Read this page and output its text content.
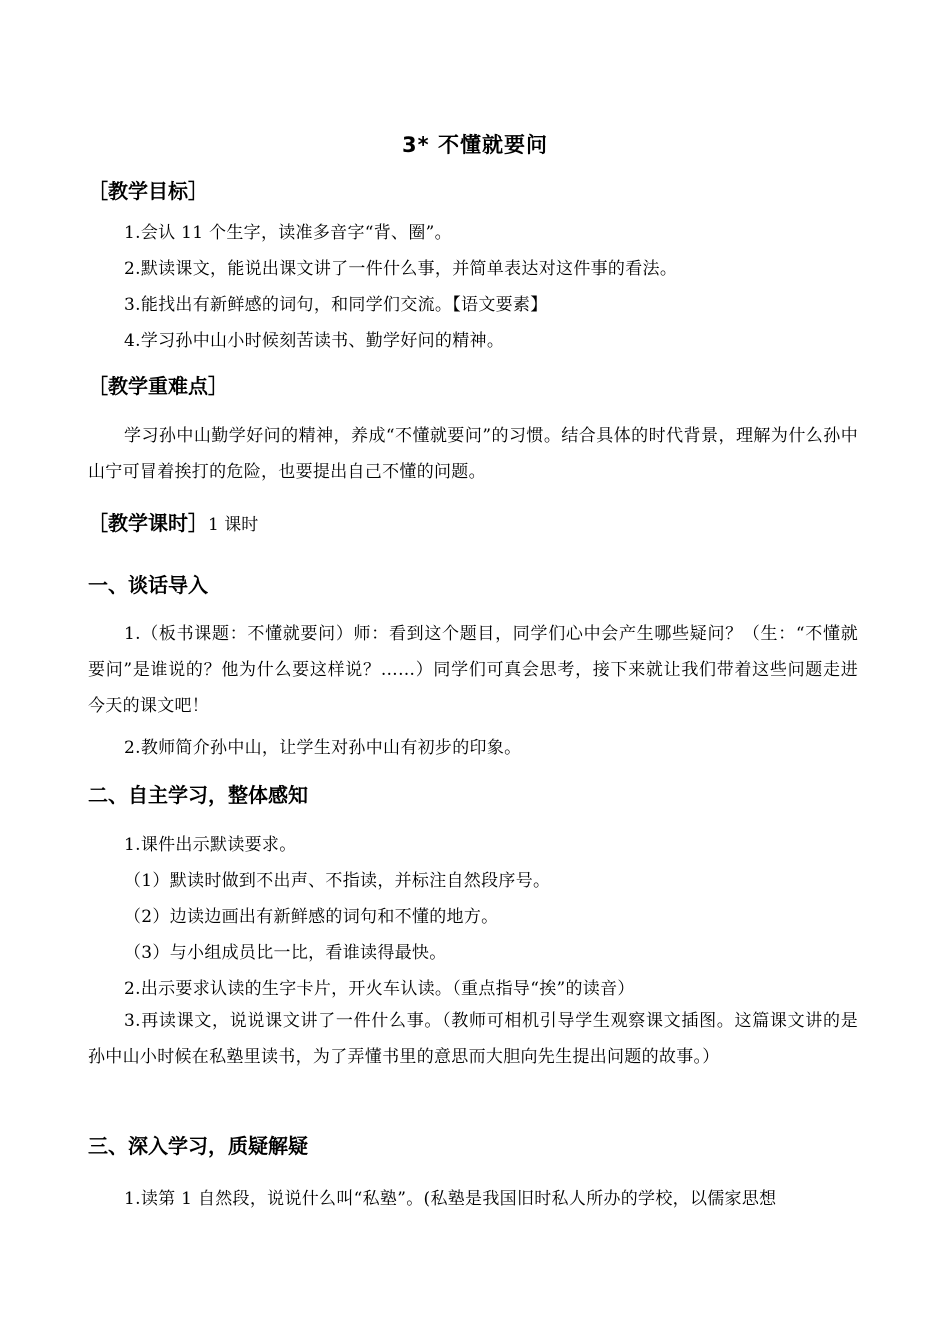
3* 不懂就要问
［教学目标］
1.会认 11 个生字，读准多音字“背、圈”。
2.默读课文，能说出课文讲了一件什么事，并简单表达对这件事的看法。
3.能找出有新鲜感的词句，和同学们交流。【语文要素】
4.学习孙中山小时候刻苦读书、勤学好问的精神。
［教学重难点］
学习孙中山勤学好问的精神，养成“不懂就要问”的习惯。结合具体的时代背景，理解为什么孙中山宁可冒着挨打的危险，也要提出自己不懂的问题。
［教学课时］1 课时
一、谈话导入
1.（板书课题：不懂就要问）师：看到这个题目，同学们心中会产生哪些疑问？（生：“不懂就要问”是谁说的？他为什么要这样说？……）同学们可真会思考，接下来就让我们带着这些问题走进今天的课文吧！
2.教师简介孙中山，让学生对孙中山有初步的印象。
二、自主学习，整体感知
1.课件出示默读要求。
（1）默读时做到不出声、不指读，并标注自然段序号。
（2）边读边画出有新鲜感的词句和不懂的地方。
（3）与小组成员比一比，看谁读得最快。
2.出示要求认读的生字卡片，开火车认读。（重点指导“挨”的读音）
3.再读课文，说说课文讲了一件什么事。（教师可相机引导学生观察课文插图。这篇课文讲的是孙中山小时候在私塾里读书，为了弄懂书里的意思而大胆向先生提出问题的故事。）
三、深入学习，质疑解疑
1.读第 1 自然段，说说什么叫“私塾”。(私塾是我国旧时私人所办的学校，以儒家思想
